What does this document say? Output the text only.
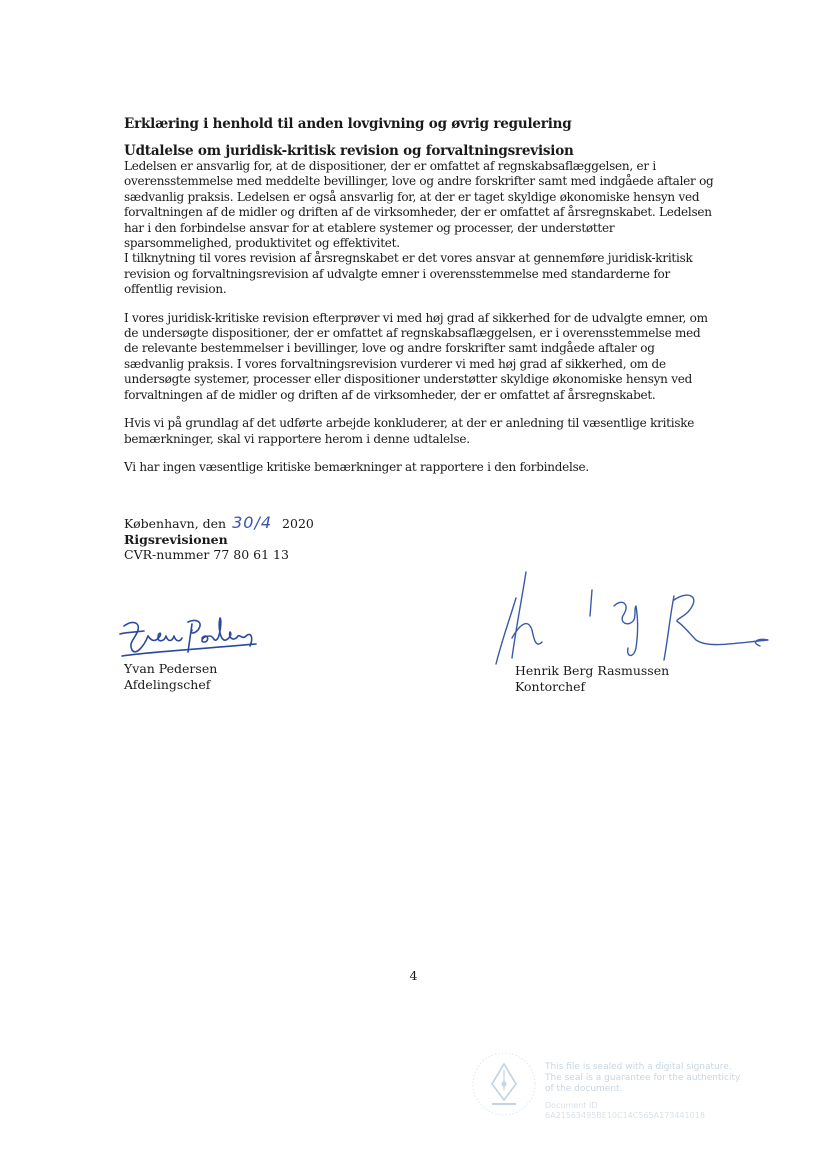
Erklæring i henhold til anden lovgivning og øvrig regulering
Udtalelse om juridisk-kritisk revision og forvaltningsrevision

Ledelsen er ansvarlig for, at de dispositioner, der er omfattet af regnskabsaflæggelsen, er i overensstemmelse med meddelte bevillinger, love og andre forskrifter samt med indgåede aftaler og sædvanlig praksis. Ledelsen er også ansvarlig for, at der er taget skyldige økonomiske hensyn ved forvaltningen af de midler og driften af de virksomheder, der er omfattet af årsregnskabet. Ledelsen har i den forbindelse ansvar for at etablere systemer og processer, der understøtter sparsommelighed, produktivitet og effektivitet.

I tilknytning til vores revision af årsregnskabet er det vores ansvar at gennemføre juridisk-kritisk revision og forvaltningsrevision af udvalgte emner i overensstemmelse med standarderne for offentlig revision.

I vores juridisk-kritiske revision efterprøver vi med høj grad af sikkerhed for de udvalgte emner, om de undersøgte dispositioner, der er omfattet af regnskabsaflæggelsen, er i overensstemmelse med de relevante bestemmelser i bevillinger, love og andre forskrifter samt indgåede aftaler og sædvanlig praksis. I vores forvaltningsrevision vurderer vi med høj grad af sikkerhed, om de undersøgte systemer, processer eller dispositioner understøtter skyldige økonomiske hensyn ved forvaltningen af de midler og driften af de virksomheder, der er omfattet af årsregnskabet.

Hvis vi på grundlag af det udførte arbejde konkluderer, at der er anledning til væsentlige kritiske bemærkninger, skal vi rapportere herom i denne udtalelse.

Vi har ingen væsentlige kritiske bemærkninger at rapportere i den forbindelse.

København, den 30/4 2020
Rigsrevisionen
CVR-nummer 77 80 61 13
Yvan Pedersen
Afdelingschef
Henrik Berg Rasmussen
Kontorchef
4
This file is sealed with a digital signature.
The seal is a guarantee for the authenticity
of the document.
Document ID
6A21563495BE10C14C565A173441018
